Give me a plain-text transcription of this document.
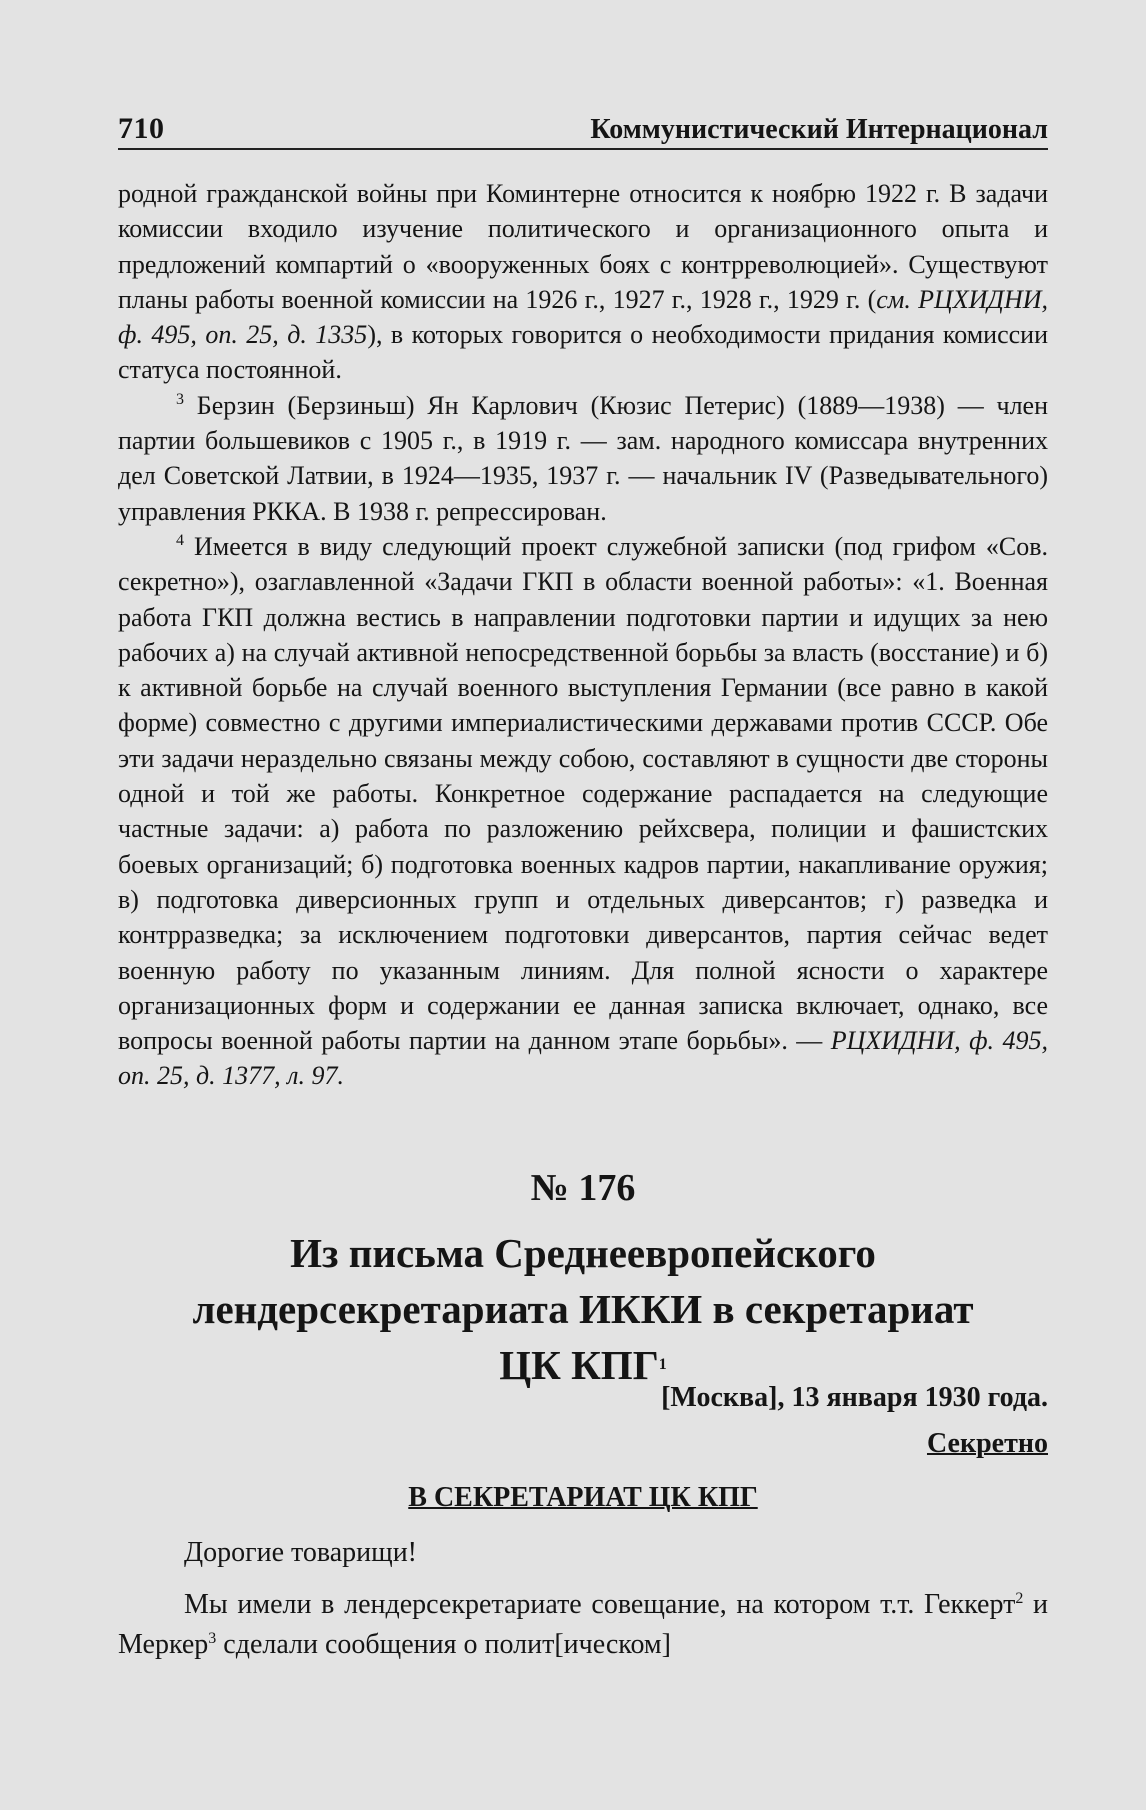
710	Коммунистический Интернационал

родной гражданской войны при Коминтерне относится к ноябрю 1922 г. В задачи комиссии входило изучение политического и организационного опыта и предложений компартий о «вооруженных боях с контрреволюцией». Существуют планы работы военной комиссии на 1926 г., 1927 г., 1928 г., 1929 г. (см. РЦХИДНИ, ф. 495, оп. 25, д. 1335), в которых говорится о необходимости придания комиссии статуса постоянной.

$^3$ Берзин (Берзиньш) Ян Карлович (Кюзис Петерис) (1889—1938) — член партии большевиков с 1905 г., в 1919 г. — зам. народного комиссара внутренних дел Советской Латвии, в 1924—1935, 1937 г. — начальник IV (Разведывательного) управления РККА. В 1938 г. репрессирован.

$^4$ Имеется в виду следующий проект служебной записки (под грифом «Сов. секретно»), озаглавленной «Задачи ГКП в области военной работы»: «1. Военная работа ГКП должна вестись в направлении подготовки партии и идущих за нею рабочих а) на случай активной непосредственной борьбы за власть (восстание) и б) к активной борьбе на случай военного выступления Германии (все равно в какой форме) совместно с другими империалистическими державами против СССР. Обе эти задачи нераздельно связаны между собою, составляют в сущности две стороны одной и той же работы. Конкретное содержание распадается на следующие частные задачи: а) работа по разложению рейхсвера, полиции и фашистских боевых организаций; б) подготовка военных кадров партии, накапливание оружия; в) подготовка диверсионных групп и отдельных диверсантов; г) разведка и контрразведка; за исключением подготовки диверсантов, партия сейчас ведет военную работу по указанным линиям. Для полной ясности о характере организационных форм и содержании ее данная записка включает, однако, все вопросы военной работы партии на данном этапе борьбы». — РЦХИДНИ, ф. 495, оп. 25, д. 1377, л. 97.

№ 176
Из письма Среднеевропейского
лендерсекретариата ИККИ в секретариат
ЦК КПГ$^1$
[Москва], 13 января 1930 года.
Секретно
В СЕКРЕТАРИАТ ЦК КПГ
Дорогие товарищи!
Мы имели в лендерсекретариате совещание, на котором т.т. Геккерт$^2$ и Меркер$^3$ сделали сообщения о полит[ическом]
